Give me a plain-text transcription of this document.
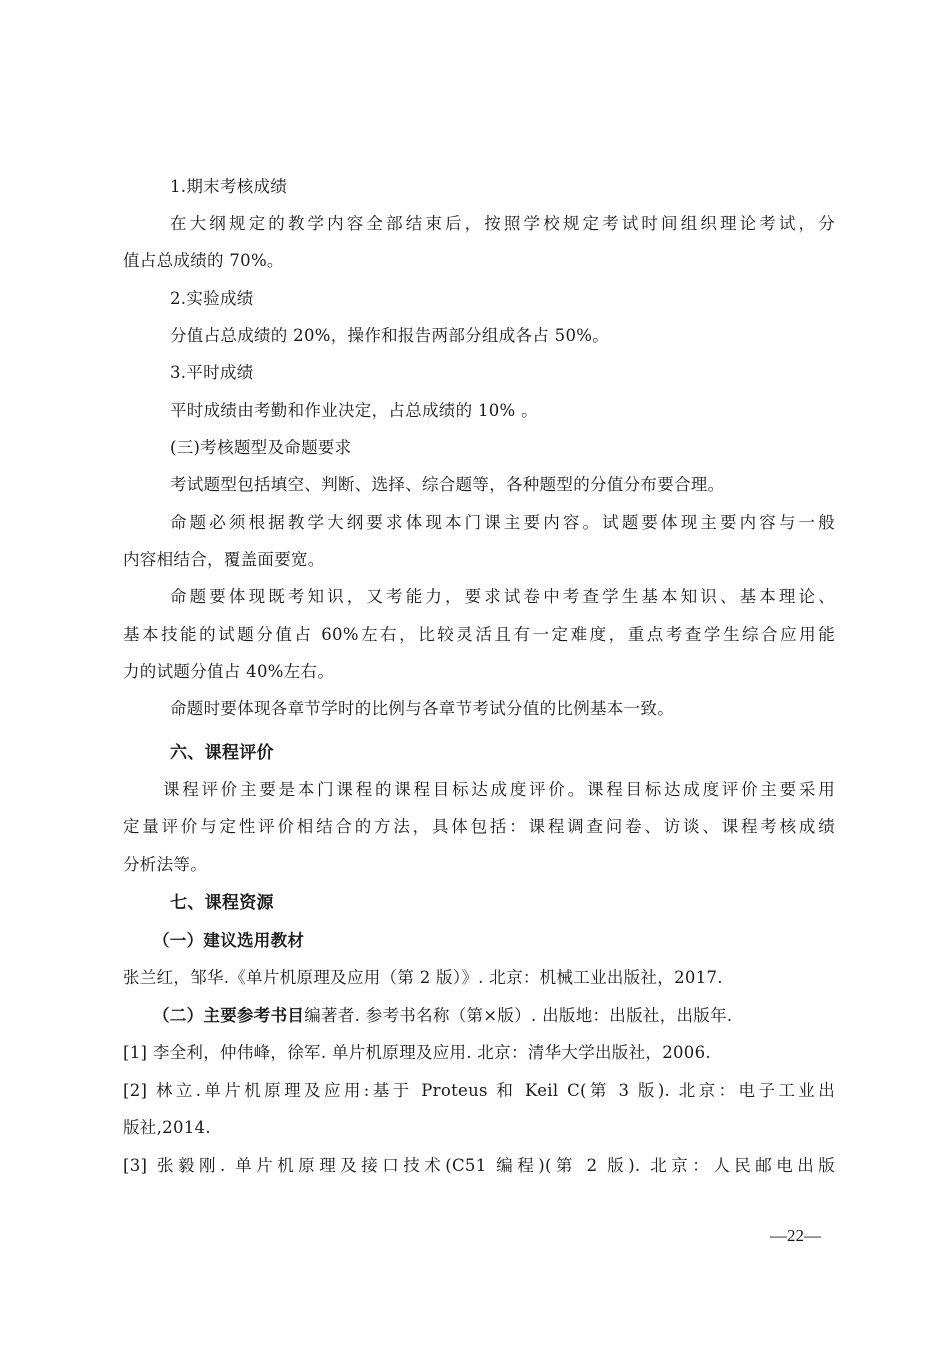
1.期末考核成绩
在大纲规定的教学内容全部结束后，按照学校规定考试时间组织理论考试，分
值占总成绩的 70%。
2.实验成绩
分值占总成绩的 20%，操作和报告两部分组成各占 50%。
3.平时成绩
平时成绩由考勤和作业决定，占总成绩的 10% 。
(三)考核题型及命题要求
考试题型包括填空、判断、选择、综合题等，各种题型的分值分布要合理。
命题必须根据教学大纲要求体现本门课主要内容。试题要体现主要内容与一般
内容相结合，覆盖面要宽。
命题要体现既考知识，又考能力，要求试卷中考查学生基本知识、基本理论、
基本技能的试题分值占 60%左右，比较灵活且有一定难度，重点考查学生综合应用能
力的试题分值占 40%左右。
命题时要体现各章节学时的比例与各章节考试分值的比例基本一致。
六、课程评价
课程评价主要是本门课程的课程目标达成度评价。课程目标达成度评价主要采用
定量评价与定性评价相结合的方法，具体包括：课程调查问卷、访谈、课程考核成绩
分析法等。
七、课程资源
（一）建议选用教材
张兰红，邹华.《单片机原理及应用（第 2 版）》. 北京：机械工业出版社，2017.
（二）主要参考书目编著者. 参考书名称（第×版）. 出版地：出版社，出版年.
[1] 李全利，仲伟峰，徐军. 单片机原理及应用. 北京：清华大学出版社，2006.
[2] 林立.单片机原理及应用:基于 Proteus 和 Keil C(第 3 版). 北京：电子工业出
版社,2014.
[3] 张毅刚. 单片机原理及接口技术(C51 编程)(第 2 版). 北京：人民邮电出版
—22—
